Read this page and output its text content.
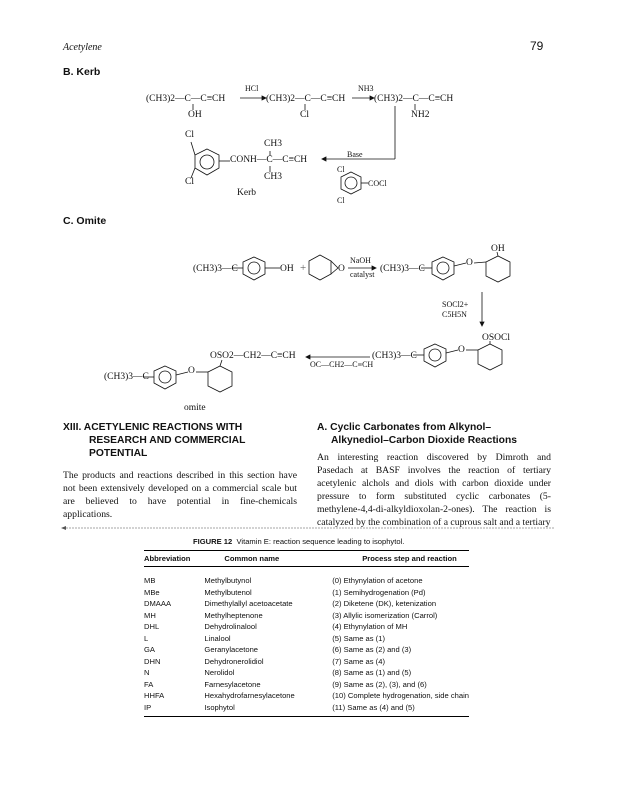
Acetylene	79
B. Kerb
(CH3)2—C—C≡CH
OH
HCl
(CH3)2—C—C≡CH
Cl
NH3
(CH3)2—C—C≡CH
NH2
Cl
Cl
CH3
CONH—C—C≡CH
CH3
Kerb
Base
Cl
COCl
Cl
C. Omite
(CH3)3—C	OH +	O
NaOH
catalyst
(CH3)3—C
O
OH
SOCl2+
C5H5N
OSOCl
(CH3)3—C
O
OC—CH2—C≡CH
OSO2—CH2—C≡CH
(CH3)3—C
O
omite
XIII. ACETYLENIC REACTIONS WITH
RESEARCH AND COMMERCIAL
POTENTIAL
The products and reactions described in this section have not been extensively developed on a commercial scale but are believed to have potential in fine-chemicals applications.
A. Cyclic Carbonates from Alkynol–
Alkynediol–Carbon Dioxide Reactions
An interesting reaction discovered by Dimroth and Pasedach at BASF involves the reaction of tertiary acetylenic alchols and diols with carbon dioxide under pressure to form substituted cyclic carbonates (5-methylene-4,4-di-alkyldioxolan-2-ones). The reaction is catalyzed by the combination of a cuprous salt and a tertiary
FIGURE 12 Vitamin E: reaction sequence leading to isophytol.
Abbreviation	Common name	Process step and reaction
MB	Methylbutynol	(0) Ethynylation of acetone
MBe	Methylbutenol	(1) Semihydrogenation (Pd)
DMAAA	Dimethylallyl acetoacetate	(2) Diketene (DK), ketenization
MH	Methylheptenone	(3) Allylic isomerization (Carrol)
DHL	Dehydrolinalool	(4) Ethynylation of MH
L	Linalool	(5) Same as (1)
GA	Geranylacetone	(6) Same as (2) and (3)
DHN	Dehydronerolidiol	(7) Same as (4)
N	Nerolidol	(8) Same as (1) and (5)
FA	Farnesylacetone	(9) Same as (2), (3), and (6)
HHFA	Hexahydrofarnesylacetone	(10) Complete hydrogenation, side chain
IP	Isophytol	(11) Same as (4) and (5)
